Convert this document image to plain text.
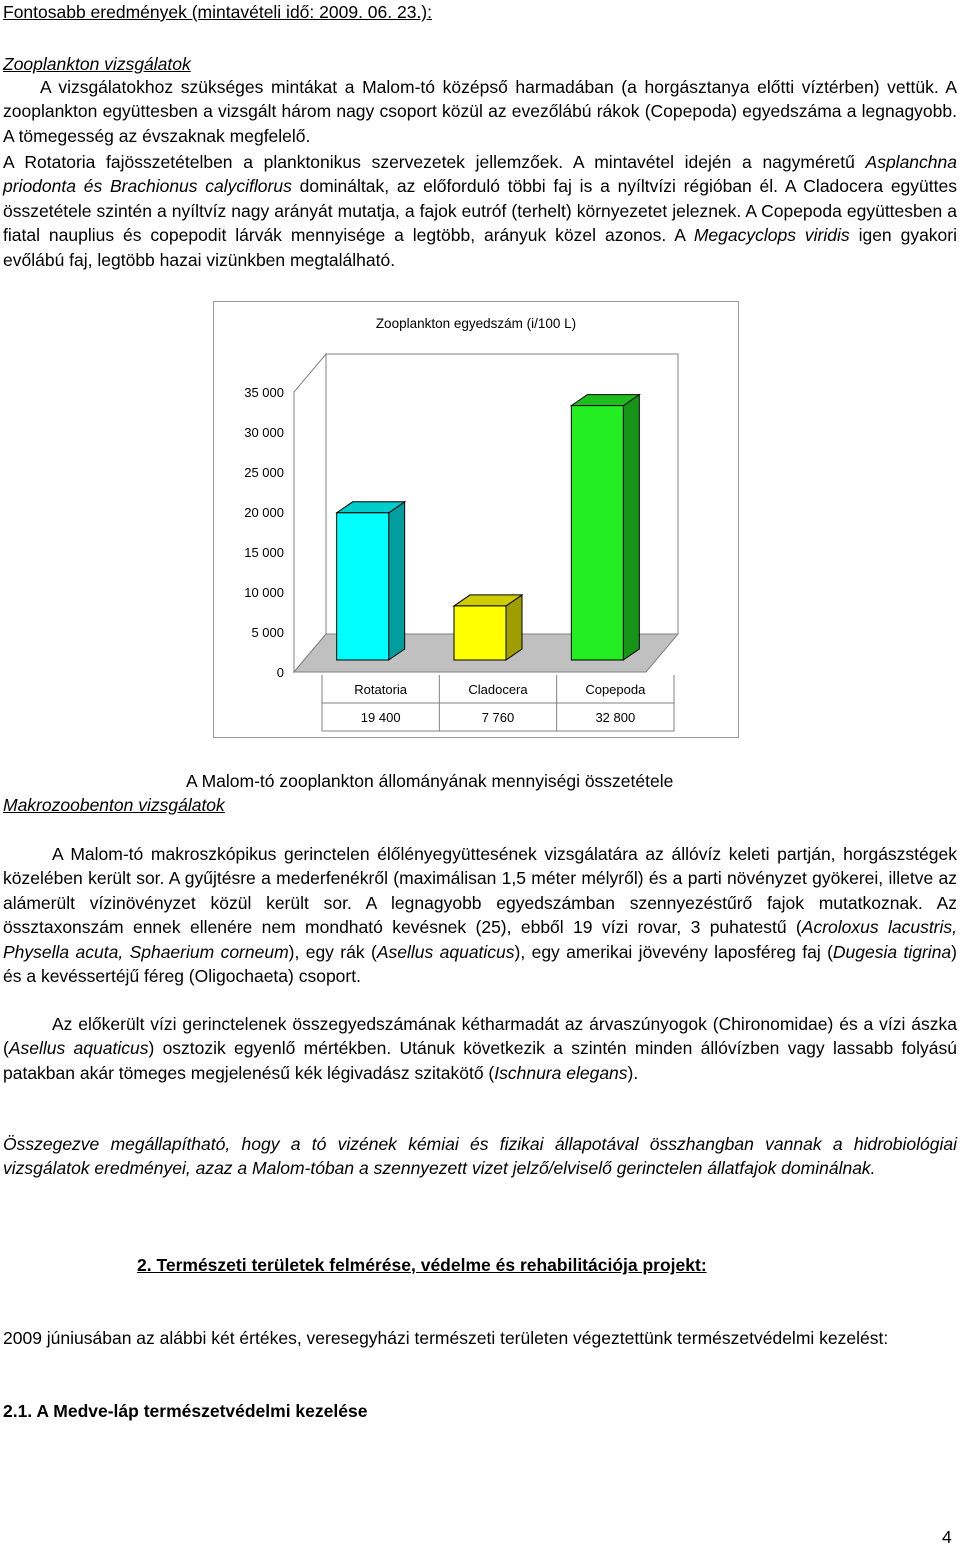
Fontosabb eredmények (mintavételi idő: 2009. 06. 23.):
Zooplankton vizsgálatok
A vizsgálatokhoz szükséges mintákat a Malom-tó középső harmadában (a horgásztanya előtti víztérben) vettük. A zooplankton együttesben a vizsgált három nagy csoport közül az evezőlábú rákok (Copepoda) egyedszáma a legnagyobb. A tömegesség az évszaknak megfelelő.
A Rotatoria fajösszetételben a planktonikus szervezetek jellemzőek. A mintavétel idején a nagyméretű Asplanchna priodonta és Brachionus calyciflorus domináltak, az előforduló többi faj is a nyíltvízi régióban él. A Cladocera együttes összetétele szintén a nyíltvíz nagy arányát mutatja, a fajok eutróf (terhelt) környezetet jeleznek. A Copepoda együttesben a fiatal nauplius és copepodit lárvák mennyisége a legtöbb, arányuk közel azonos. A Megacyclops viridis igen gyakori evőlábú faj, legtöbb hazai vizünkben megtalálható.
Zooplankton egyedszám (i/100 L)
0
5 000
10 000
15 000
20 000
25 000
30 000
35 000
Rotatoria
19 400
Cladocera
7 760
Copepoda
32 800
A Malom-tó zooplankton állományának mennyiségi összetétele
Makrozoobenton vizsgálatok
A Malom-tó makroszkópikus gerinctelen élőlényegyüttesének vizsgálatára az állóvíz keleti partján, horgászstégek közelében került sor. A gyűjtésre a mederfenékről (maximálisan 1,5 méter mélyről) és a parti növényzet gyökerei, illetve az alámerült vízinövényzet közül került sor. A legnagyobb egyedszámban szennyezéstűrő fajok mutatkoznak. Az össztaxonszám ennek ellenére nem mondható kevésnek (25), ebből 19 vízi rovar, 3 puhatestű (Acroloxus lacustris, Physella acuta, Sphaerium corneum), egy rák (Asellus aquaticus), egy amerikai jövevény laposféreg faj (Dugesia tigrina) és a kevéssertéjű féreg (Oligochaeta) csoport.
Az előkerült vízi gerinctelenek összegyedszámának kétharmadát az árvaszúnyogok (Chironomidae) és a vízi ászka (Asellus aquaticus) osztozik egyenlő mértékben. Utánuk következik a szintén minden állóvízben vagy lassabb folyású patakban akár tömeges megjelenésű kék légivadász szitakötő (Ischnura elegans).
Összegezve megállapítható, hogy a tó vizének kémiai és fizikai állapotával összhangban vannak a hidrobiológiai vizsgálatok eredményei, azaz a Malom-tóban a szennyezett vizet jelző/elviselő gerinctelen állatfajok dominálnak.
2. Természeti területek felmérése, védelme és rehabilitációja projekt:
2009 júniusában az alábbi két értékes, veresegyházi természeti területen végeztettünk természetvédelmi kezelést:
2.1. A Medve-láp természetvédelmi kezelése
4
